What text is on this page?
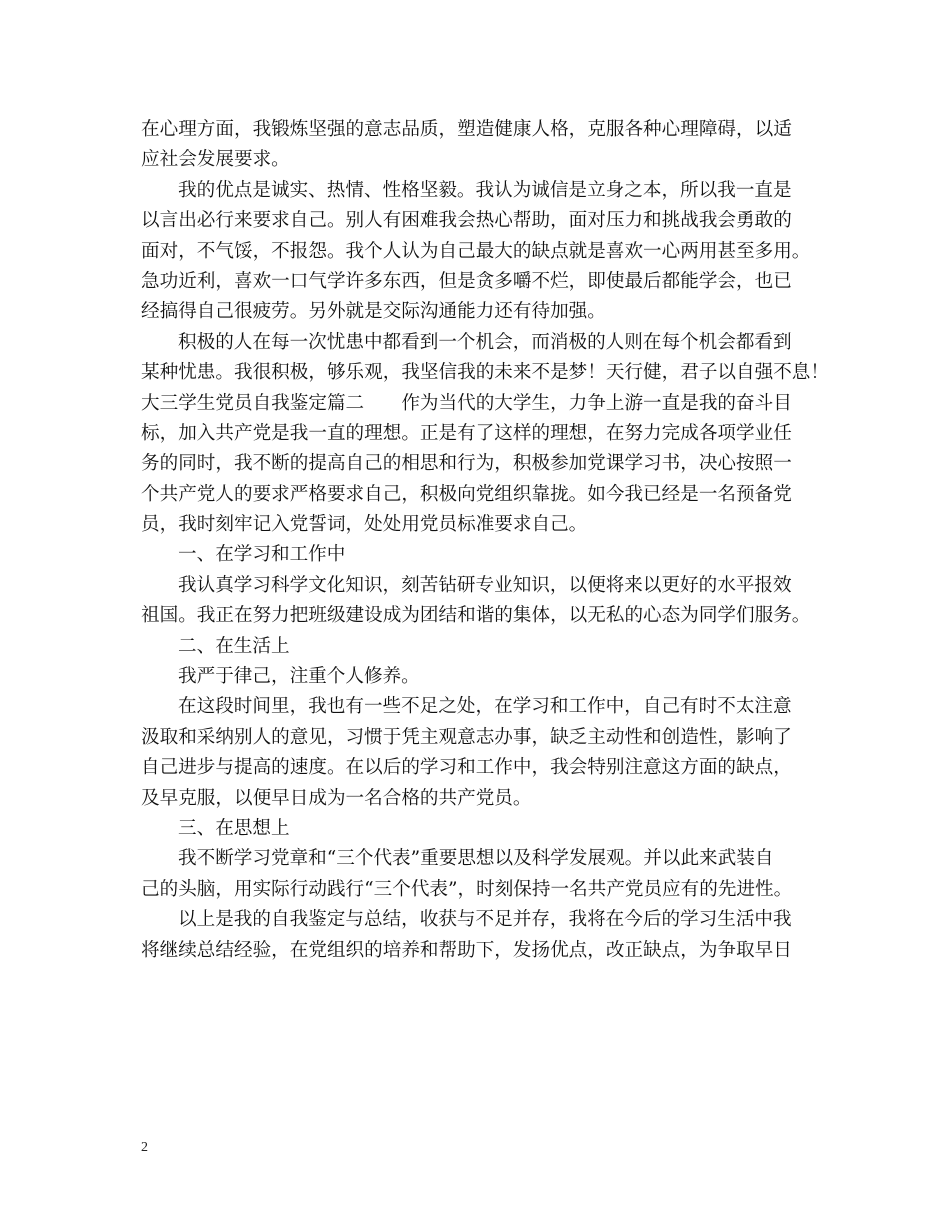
在心理方面，我锻炼坚强的意志品质，塑造健康人格，克服各种心理障碍，以适
应社会发展要求。
我的优点是诚实、热情、性格坚毅。我认为诚信是立身之本，所以我一直是
以言出必行来要求自己。别人有困难我会热心帮助，面对压力和挑战我会勇敢的
面对，不气馁，不报怨。我个人认为自己最大的缺点就是喜欢一心两用甚至多用。
急功近利，喜欢一口气学许多东西，但是贪多嚼不烂，即使最后都能学会，也已
经搞得自己很疲劳。另外就是交际沟通能力还有待加强。
积极的人在每一次忧患中都看到一个机会，而消极的人则在每个机会都看到
某种忧患。我很积极，够乐观，我坚信我的未来不是梦！天行健，君子以自强不息！
大三学生党员自我鉴定篇二　　作为当代的大学生，力争上游一直是我的奋斗目
标，加入共产党是我一直的理想。正是有了这样的理想，在努力完成各项学业任
务的同时，我不断的提高自己的相思和行为，积极参加党课学习书，决心按照一
个共产党人的要求严格要求自己，积极向党组织靠拢。如今我已经是一名预备党
员，我时刻牢记入党誓词，处处用党员标准要求自己。
一、在学习和工作中
我认真学习科学文化知识，刻苦钻研专业知识，以便将来以更好的水平报效
祖国。我正在努力把班级建设成为团结和谐的集体，以无私的心态为同学们服务。
二、在生活上
我严于律己，注重个人修养。
在这段时间里，我也有一些不足之处，在学习和工作中，自己有时不太注意
汲取和采纳别人的意见，习惯于凭主观意志办事，缺乏主动性和创造性，影响了
自己进步与提高的速度。在以后的学习和工作中，我会特别注意这方面的缺点，
及早克服，以便早日成为一名合格的共产党员。
三、在思想上
我不断学习党章和“三个代表”重要思想以及科学发展观。并以此来武装自
己的头脑，用实际行动践行“三个代表”，时刻保持一名共产党员应有的先进性。
以上是我的自我鉴定与总结，收获与不足并存，我将在今后的学习生活中我
将继续总结经验，在党组织的培养和帮助下，发扬优点，改正缺点，为争取早日
2
